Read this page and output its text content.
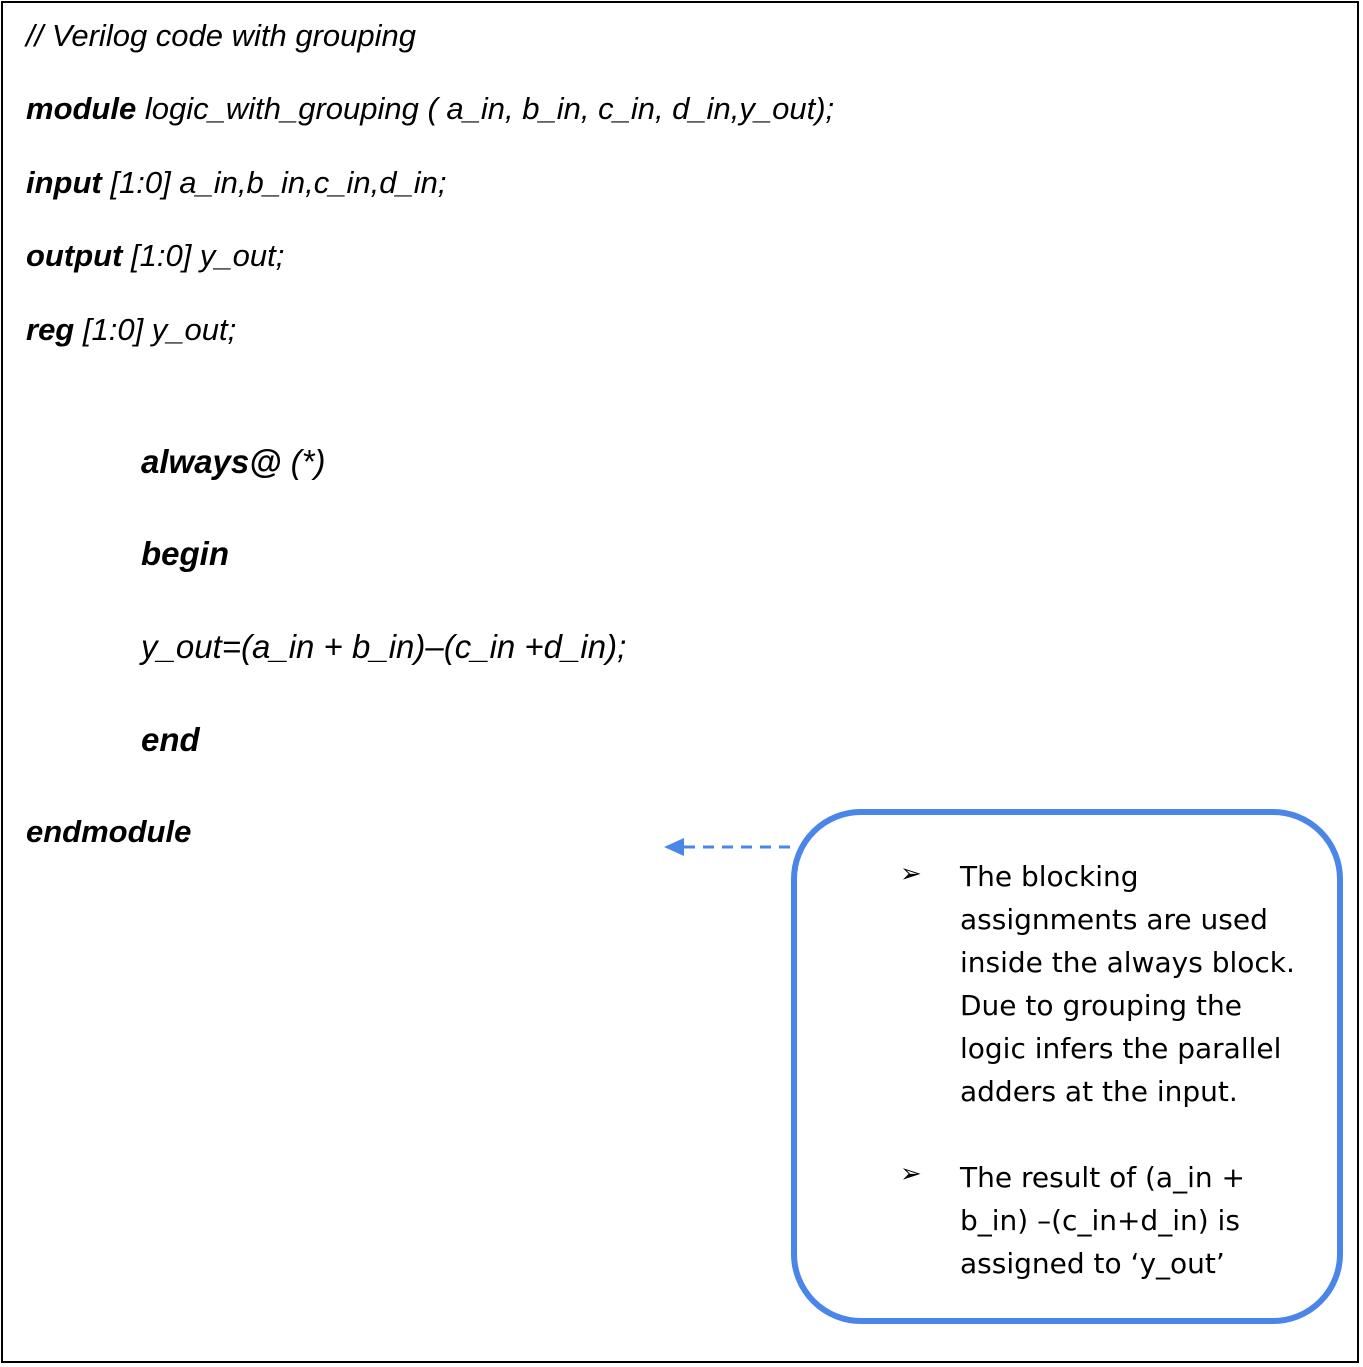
// Verilog code with grouping
module logic_with_grouping ( a_in, b_in, c_in, d_in,y_out);
input [1:0] a_in,b_in,c_in,d_in;
output [1:0] y_out;
reg [1:0] y_out;
always@ (*)
begin
y_out=(a_in + b_in)–(c_in +d_in);
end
endmodule
➢ The blocking assignments are used inside the always block. Due to grouping the logic infers the parallel adders at the input.
➢ The result of (a_in + b_in) –(c_in+d_in) is assigned to ‘y_out’
